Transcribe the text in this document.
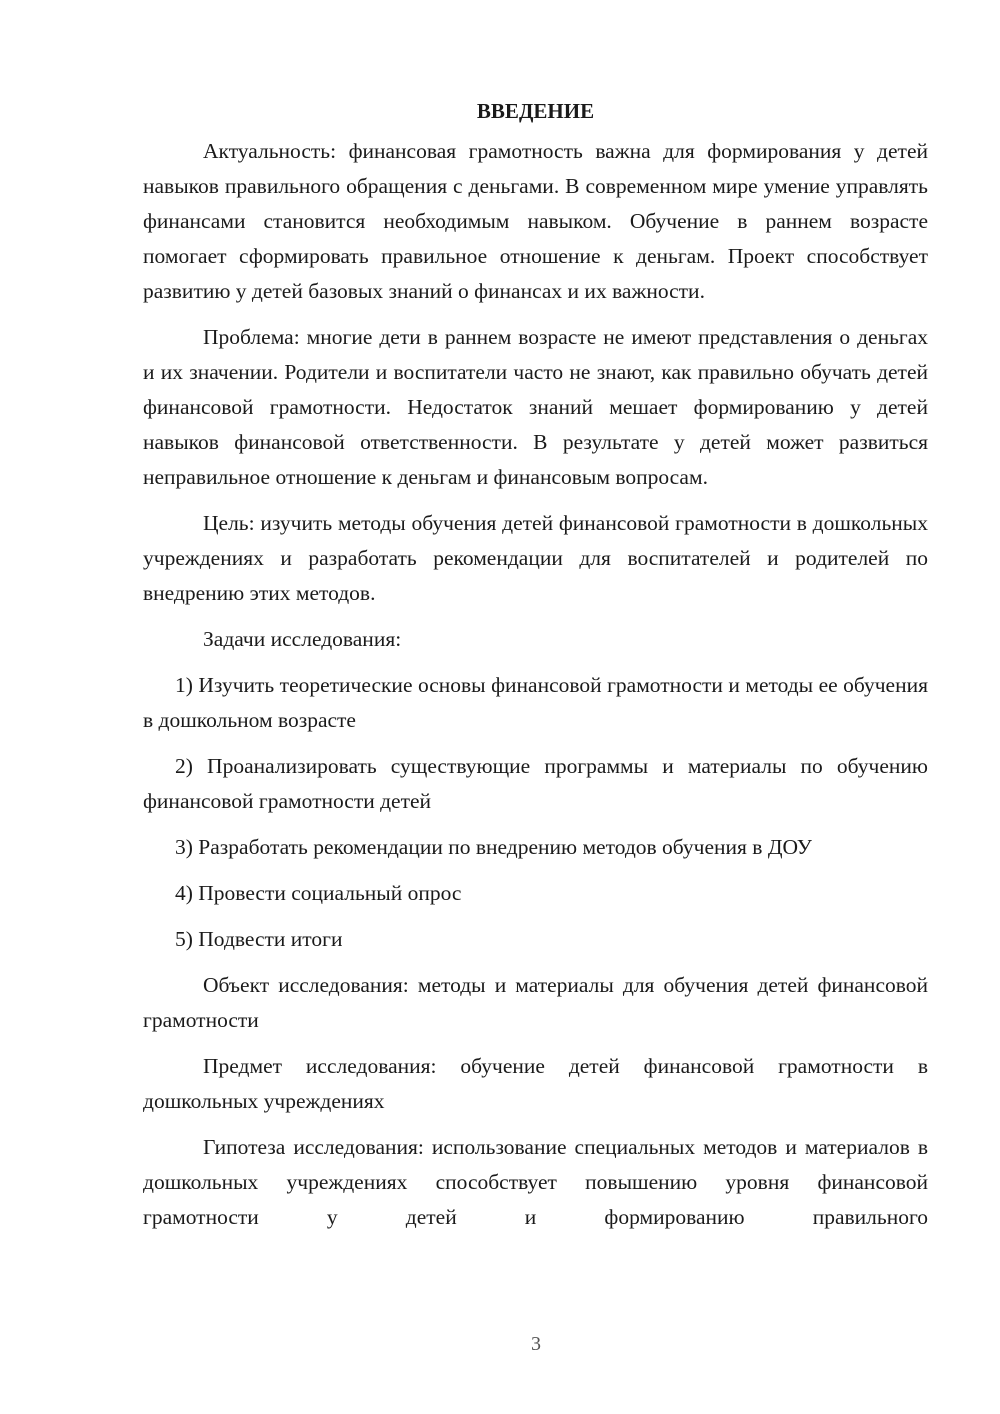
ВВЕДЕНИЕ

Актуальность: финансовая грамотность важна для формирования у детей навыков правильного обращения с деньгами. В современном мире умение управлять финансами становится необходимым навыком. Обучение в раннем возрасте помогает сформировать правильное отношение к деньгам. Проект способствует развитию у детей базовых знаний о финансах и их важности.

Проблема: многие дети в раннем возрасте не имеют представления о деньгах и их значении. Родители и воспитатели часто не знают, как правильно обучать детей финансовой грамотности. Недостаток знаний мешает формированию у детей навыков финансовой ответственности. В результате у детей может развиться неправильное отношение к деньгам и финансовым вопросам.

Цель: изучить методы обучения детей финансовой грамотности в дошкольных учреждениях и разработать рекомендации для воспитателей и родителей по внедрению этих методов.

Задачи исследования:

1) Изучить теоретические основы финансовой грамотности и методы ее обучения в дошкольном возрасте

2) Проанализировать существующие программы и материалы по обучению финансовой грамотности детей

3) Разработать рекомендации по внедрению методов обучения в ДОУ

4) Провести социальный опрос

5) Подвести итоги

Объект исследования: методы и материалы для обучения детей финансовой грамотности

Предмет исследования: обучение детей финансовой грамотности в дошкольных учреждениях

Гипотеза исследования: использование специальных методов и материалов в дошкольных учреждениях способствует повышению уровня финансовой грамотности у детей и формированию правильного

3
